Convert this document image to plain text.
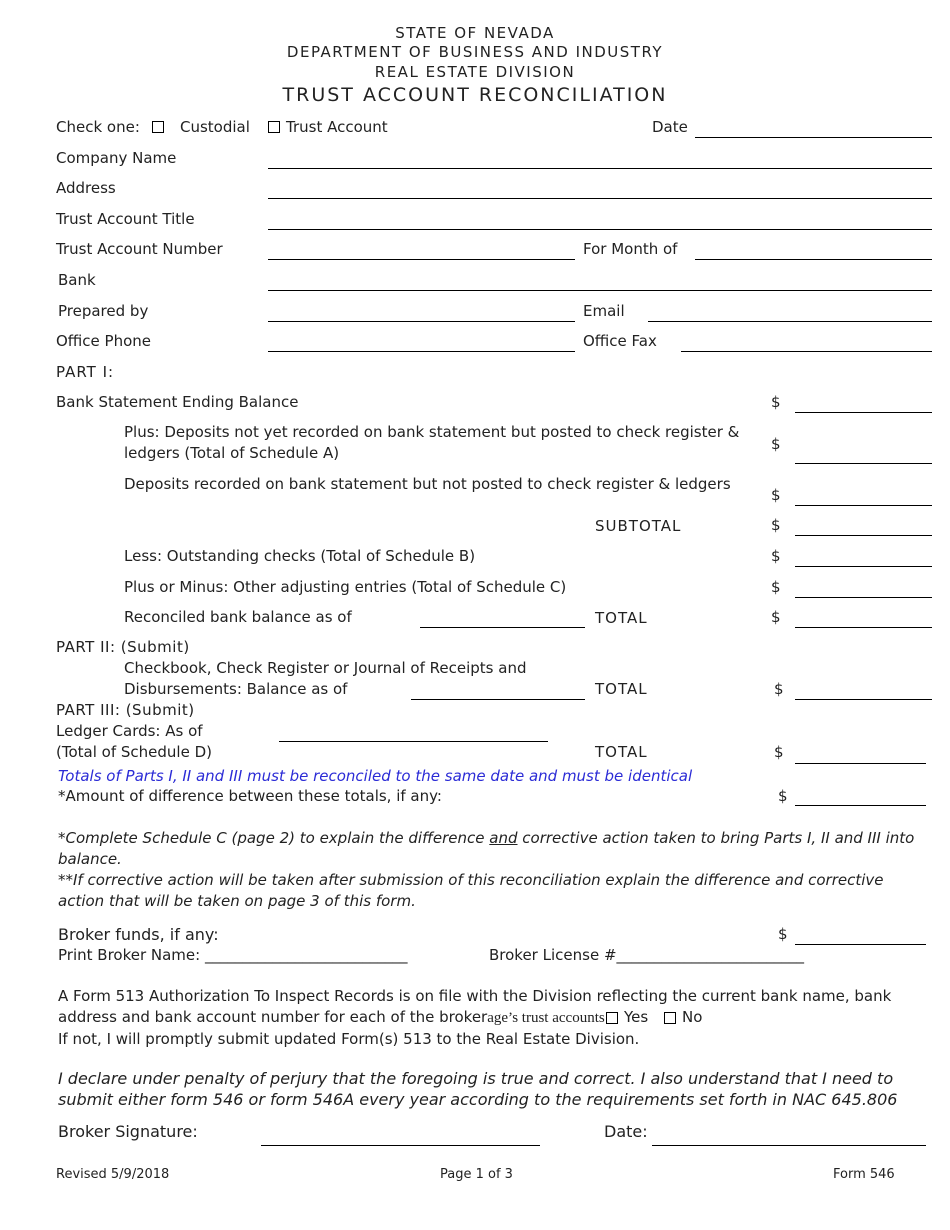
STATE OF NEVADA
DEPARTMENT OF BUSINESS AND INDUSTRY
REAL ESTATE DIVISION
TRUST ACCOUNT RECONCILIATION
Check one:	Custodial Trust Account	Date
Company Name
Address
Trust Account Title
Trust Account Number	For Month of
Bank
Prepared by	Email
Office Phone	Office Fax
PART I:
Bank Statement Ending Balance	$
Plus: Deposits not yet recorded on bank statement but posted to check register &
ledgers (Total of Schedule A)	$
Deposits recorded on bank statement but not posted to check register & ledgers
$
SUBTOTAL	$
Less: Outstanding checks (Total of Schedule B)	$
Plus or Minus: Other adjusting entries (Total of Schedule C)	$
Reconciled bank balance as of	TOTAL	$
PART II: (Submit)
Checkbook, Check Register or Journal of Receipts and
Disbursements: Balance as of	TOTAL	$
PART III: (Submit)
Ledger Cards: As of
(Total of Schedule D)	TOTAL	$
Totals of Parts I, II and III must be reconciled to the same date and must be identical
*Amount of difference between these totals, if any:	$
*Complete Schedule C (page 2) to explain the difference and corrective action taken to bring Parts I, II and III into balance.
**If corrective action will be taken after submission of this reconciliation explain the difference and corrective action that will be taken on page 3 of this form.
Broker funds, if any:	$
Print Broker Name: ___________________________	Broker License #_________________________
A Form 513 Authorization To Inspect Records is on file with the Division reflecting the current bank name, bank
address and bank account number for each of the brokerage’s trust accounts Yes No
If not, I will promptly submit updated Form(s) 513 to the Real Estate Division.
I declare under penalty of perjury that the foregoing is true and correct. I also understand that I need to submit either form 546 or form 546A every year according to the requirements set forth in NAC 645.806
Broker Signature:	Date:
Revised 5/9/2018	Page 1 of 3	Form 546
